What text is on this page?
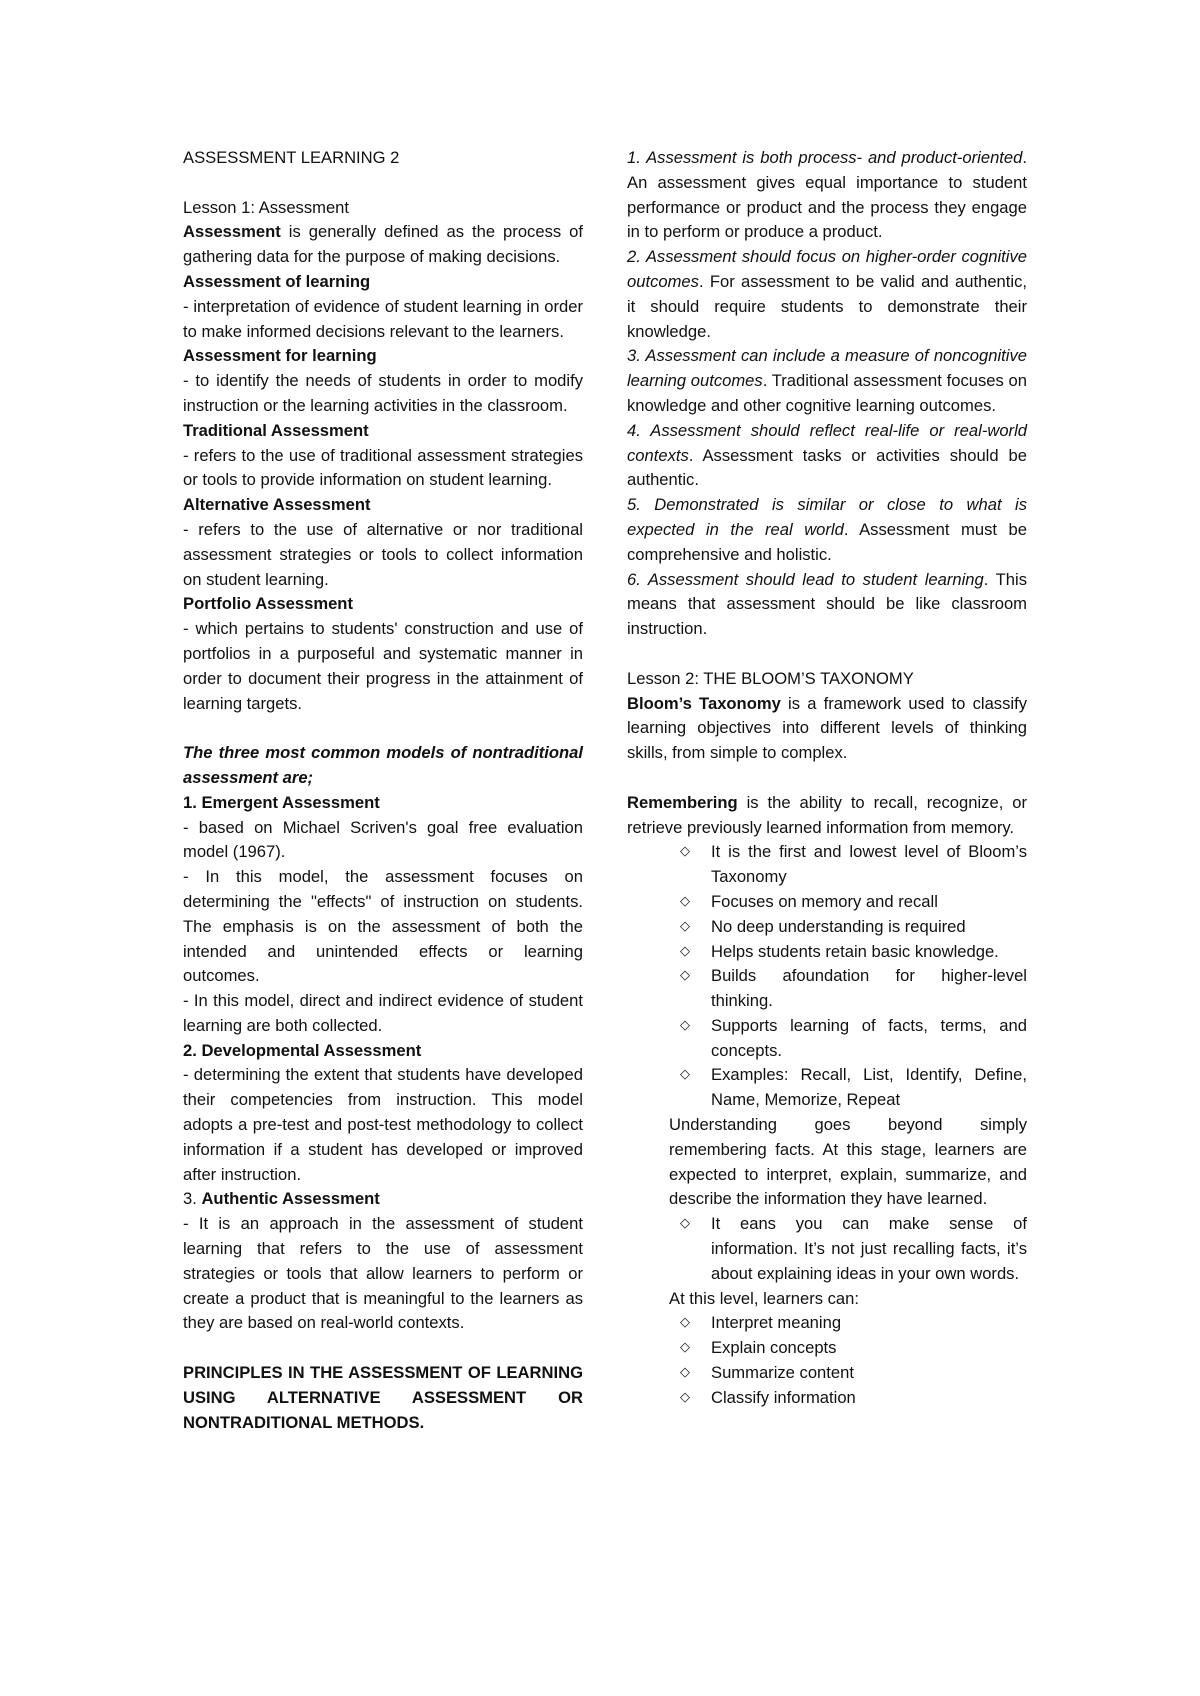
ASSESSMENT LEARNING 2

Lesson 1: Assessment

Assessment is generally defined as the process of gathering data for the purpose of making decisions.

Assessment of learning

- interpretation of evidence of student learning in order to make informed decisions relevant to the learners.

Assessment for learning

- to identify the needs of students in order to modify instruction or the learning activities in the classroom.

Traditional Assessment

- refers to the use of traditional assessment strategies or tools to provide information on student learning.

Alternative Assessment

- refers to the use of alternative or nor traditional assessment strategies or tools to collect information on student learning.

Portfolio Assessment

- which pertains to students' construction and use of portfolios in a purposeful and systematic manner in order to document their progress in the attainment of learning targets.

The three most common models of nontraditional assessment are;

1. Emergent Assessment

- based on Michael Scriven's goal free evaluation model (1967).

- In this model, the assessment focuses on determining the "effects" of instruction on students. The emphasis is on the assessment of both the intended and unintended effects or learning outcomes.

- In this model, direct and indirect evidence of student learning are both collected.

2. Developmental Assessment

- determining the extent that students have developed their competencies from instruction. This model adopts a pre-test and post-test methodology to collect information if a student has developed or improved after instruction.

3. Authentic Assessment

- It is an approach in the assessment of student learning that refers to the use of assessment strategies or tools that allow learners to perform or create a product that is meaningful to the learners as they are based on real-world contexts.

PRINCIPLES IN THE ASSESSMENT OF LEARNING USING ALTERNATIVE ASSESSMENT OR NONTRADITIONAL METHODS.

1. Assessment is both process- and product-oriented. An assessment gives equal importance to student performance or product and the process they engage in to perform or produce a product.

2. Assessment should focus on higher-order cognitive outcomes. For assessment to be valid and authentic, it should require students to demonstrate their knowledge.

3. Assessment can include a measure of noncognitive learning outcomes. Traditional assessment focuses on knowledge and other cognitive learning outcomes.

4. Assessment should reflect real-life or real-world contexts. Assessment tasks or activities should be authentic.

5. Demonstrated is similar or close to what is expected in the real world. Assessment must be comprehensive and holistic.

6. Assessment should lead to student learning. This means that assessment should be like classroom instruction.

Lesson 2: THE BLOOM’S TAXONOMY

Bloom’s Taxonomy is a framework used to classify learning objectives into different levels of thinking skills, from simple to complex.

Remembering is the ability to recall, recognize, or retrieve previously learned information from memory.

◇	It is the first and lowest level of Bloom’s Taxonomy
◇	Focuses on memory and recall
◇	No deep understanding is required
◇	Helps students retain basic knowledge.
◇	Builds afoundation for higher-level thinking.
◇	Supports learning of facts, terms, and concepts.
◇	Examples: Recall, List, Identify, Define, Name, Memorize, Repeat

Understanding goes beyond simply remembering facts. At this stage, learners are expected to interpret, explain, summarize, and describe the information they have learned.

◇	It eans you can make sense of information. It’s not just recalling facts, it’s about explaining ideas in your own words.

At this level, learners can:

◇	Interpret meaning
◇	Explain concepts
◇	Summarize content
◇	Classify information
